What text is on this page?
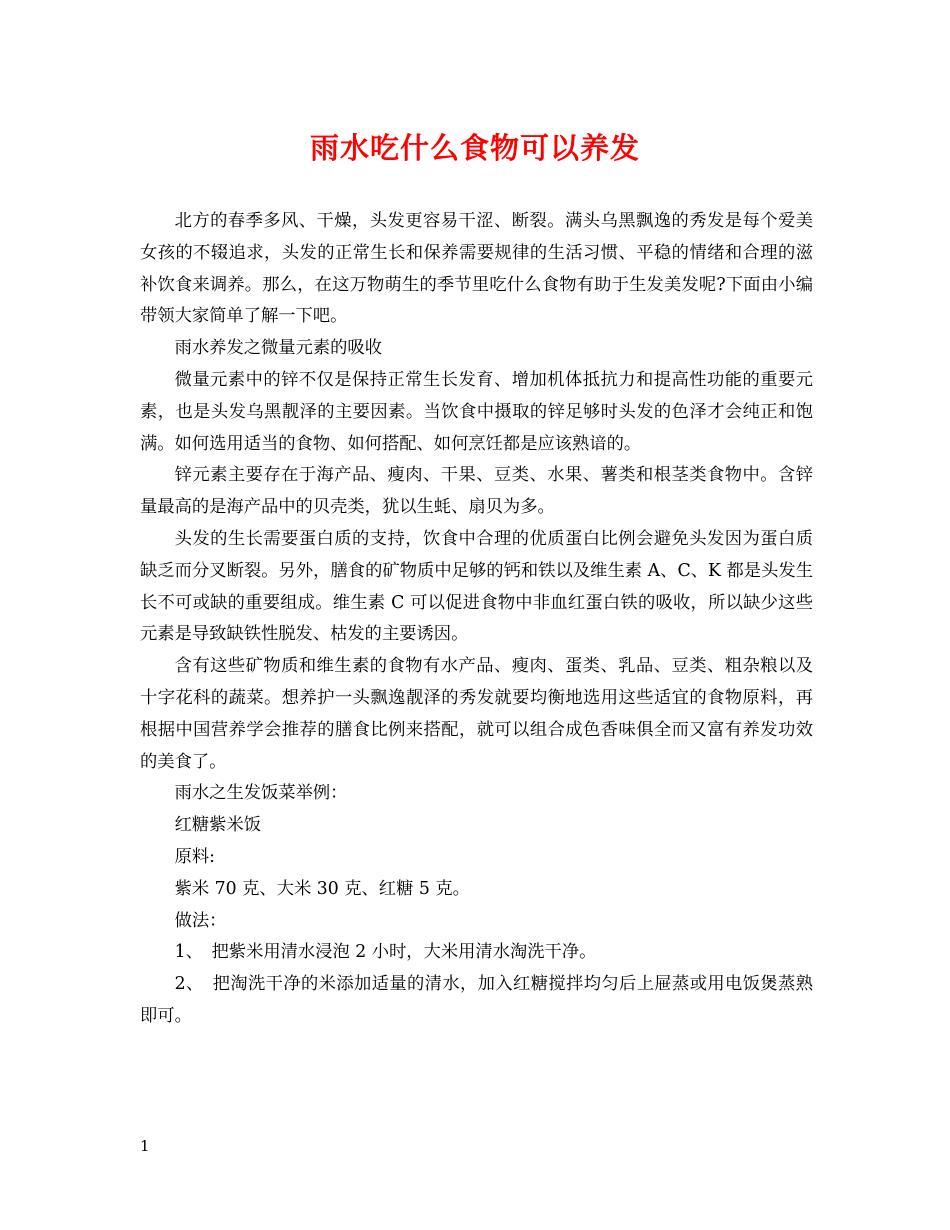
雨水吃什么食物可以养发

北方的春季多风、干燥，头发更容易干涩、断裂。满头乌黑飘逸的秀发是每个爱美女孩的不辍追求，头发的正常生长和保养需要规律的生活习惯、平稳的情绪和合理的滋补饮食来调养。那么，在这万物萌生的季节里吃什么食物有助于生发美发呢?下面由小编带领大家简单了解一下吧。

雨水养发之微量元素的吸收

微量元素中的锌不仅是保持正常生长发育、增加机体抵抗力和提高性功能的重要元素，也是头发乌黑靓泽的主要因素。当饮食中摄取的锌足够时头发的色泽才会纯正和饱满。如何选用适当的食物、如何搭配、如何烹饪都是应该熟谙的。

锌元素主要存在于海产品、瘦肉、干果、豆类、水果、薯类和根茎类食物中。含锌量最高的是海产品中的贝壳类，犹以生蚝、扇贝为多。

头发的生长需要蛋白质的支持，饮食中合理的优质蛋白比例会避免头发因为蛋白质缺乏而分叉断裂。另外，膳食的矿物质中足够的钙和铁以及维生素 A、C、K 都是头发生长不可或缺的重要组成。维生素 C 可以促进食物中非血红蛋白铁的吸收，所以缺少这些元素是导致缺铁性脱发、枯发的主要诱因。

含有这些矿物质和维生素的食物有水产品、瘦肉、蛋类、乳品、豆类、粗杂粮以及十字花科的蔬菜。想养护一头飘逸靓泽的秀发就要均衡地选用这些适宜的食物原料，再根据中国营养学会推荐的膳食比例来搭配，就可以组合成色香味俱全而又富有养发功效的美食了。

雨水之生发饭菜举例：

红糖紫米饭

原料:

紫米 70 克、大米 30 克、红糖 5 克。

做法：

1、　把紫米用清水浸泡 2 小时，大米用清水淘洗干净。

2、　把淘洗干净的米添加适量的清水，加入红糖搅拌均匀后上屉蒸或用电饭煲蒸熟即可。

1
